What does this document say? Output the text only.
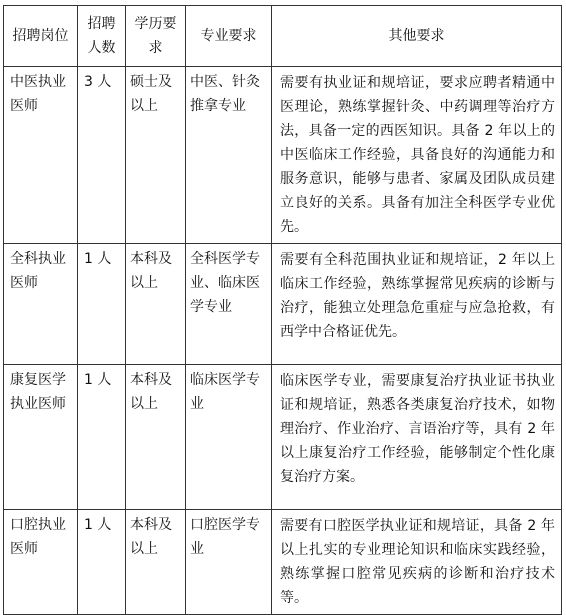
招聘岗位	招聘人数	学历要求	专业要求	其他要求
中医执业医师	3 人	硕士及以上	中医、针灸推拿专业	需要有执业证和规培证，要求应聘者精通中医理论，熟练掌握针灸、中药调理等治疗方法，具备一定的西医知识。具备 2 年以上的中医临床工作经验，具备良好的沟通能力和服务意识，能够与患者、家属及团队成员建立良好的关系。具备有加注全科医学专业优先。
全科执业医师	1 人	本科及以上	全科医学专业、临床医学专业	需要有全科范围执业证和规培证，2 年以上临床工作经验，熟练掌握常见疾病的诊断与治疗，能独立处理急危重症与应急抢救，有西学中合格证优先。
康复医学执业医师	1 人	本科及以上	临床医学专业	临床医学专业，需要康复治疗执业证书执业证和规培证，熟悉各类康复治疗技术，如物理治疗、作业治疗、言语治疗等，具有 2 年以上康复治疗工作经验，能够制定个性化康复治疗方案。
口腔执业医师	1 人	本科及以上	口腔医学专业	需要有口腔医学执业证和规培证，具备 2 年以上扎实的专业理论知识和临床实践经验，熟练掌握口腔常见疾病的诊断和治疗技术等。
